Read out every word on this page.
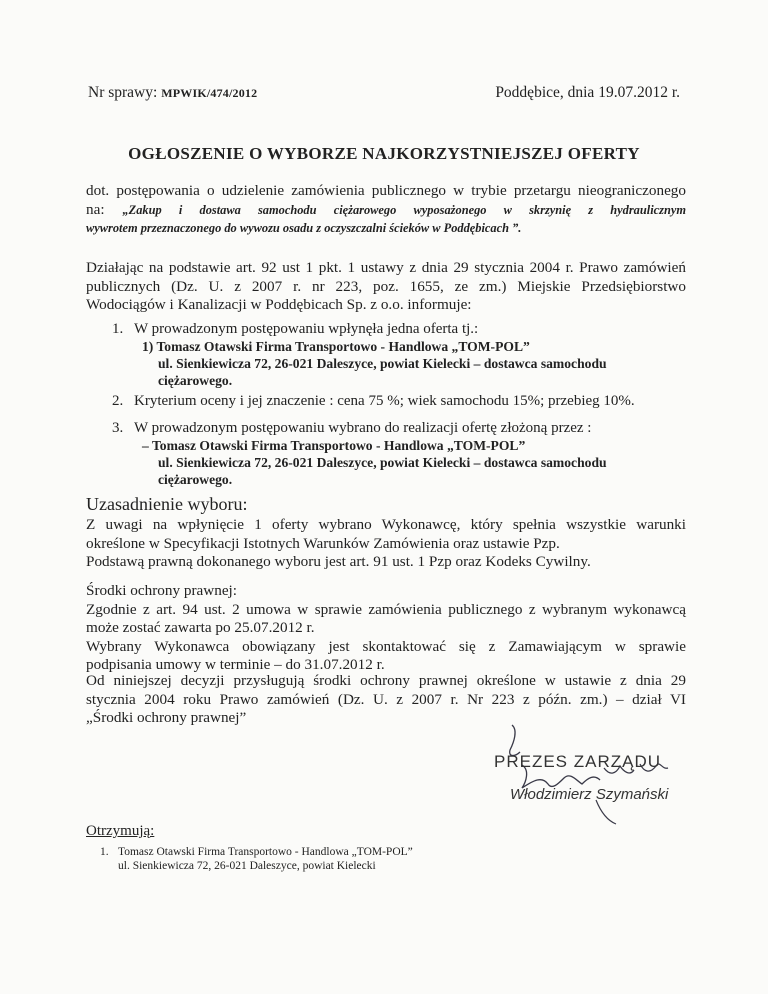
Nr sprawy: MPWIK/474/2012	Poddębice, dnia 19.07.2012 r.
OGŁOSZENIE O WYBORZE NAJKORZYSTNIEJSZEJ OFERTY
dot. postępowania o udzielenie zamówienia publicznego w trybie przetargu nieograniczonego
na: „Zakup i dostawa samochodu ciężarowego wyposażonego w skrzynię z hydraulicznym
wywrotem przeznaczonego do wywozu osadu z oczyszczalni ścieków w Poddębicach ”.
Działając na podstawie art. 92 ust 1 pkt. 1 ustawy z dnia 29 stycznia 2004 r. Prawo zamówień
publicznych (Dz. U. z 2007 r. nr 223, poz. 1655, ze zm.) Miejskie Przedsiębiorstwo
Wodociągów i Kanalizacji w Poddębicach Sp. z o.o. informuje:
1. W prowadzonym postępowaniu wpłynęła jedna oferta tj.:
1) Tomasz Otawski Firma Transportowo - Handlowa „TOM-POL”
ul. Sienkiewicza 72, 26-021 Daleszyce, powiat Kielecki – dostawca samochodu
ciężarowego.
2. Kryterium oceny i jej znaczenie : cena 75 %; wiek samochodu 15%; przebieg 10%.
3. W prowadzonym postępowaniu wybrano do realizacji ofertę złożoną przez :
– Tomasz Otawski Firma Transportowo - Handlowa „TOM-POL”
ul. Sienkiewicza 72, 26-021 Daleszyce, powiat Kielecki – dostawca samochodu
ciężarowego.
Uzasadnienie wyboru:
Z uwagi na wpłynięcie 1 oferty wybrano Wykonawcę, który spełnia wszystkie warunki
określone w Specyfikacji Istotnych Warunków Zamówienia oraz ustawie Pzp.
Podstawą prawną dokonanego wyboru jest art. 91 ust. 1 Pzp oraz Kodeks Cywilny.
Środki ochrony prawnej:
Zgodnie z art. 94 ust. 2 umowa w sprawie zamówienia publicznego z wybranym wykonawcą
może zostać zawarta po 25.07.2012 r.
Wybrany Wykonawca obowiązany jest skontaktować się z Zamawiającym w sprawie
podpisania umowy w terminie – do 31.07.2012 r.
Od niniejszej decyzji przysługują środki ochrony prawnej określone w ustawie z dnia 29
stycznia 2004 roku Prawo zamówień (Dz. U. z 2007 r. Nr 223 z późn. zm.) – dział VI
„Środki ochrony prawnej”
PREZES ZARZĄDU
Włodzimierz Szymański
Otrzymują:
1. Tomasz Otawski Firma Transportowo - Handlowa „TOM-POL”
ul. Sienkiewicza 72, 26-021 Daleszyce, powiat Kielecki
